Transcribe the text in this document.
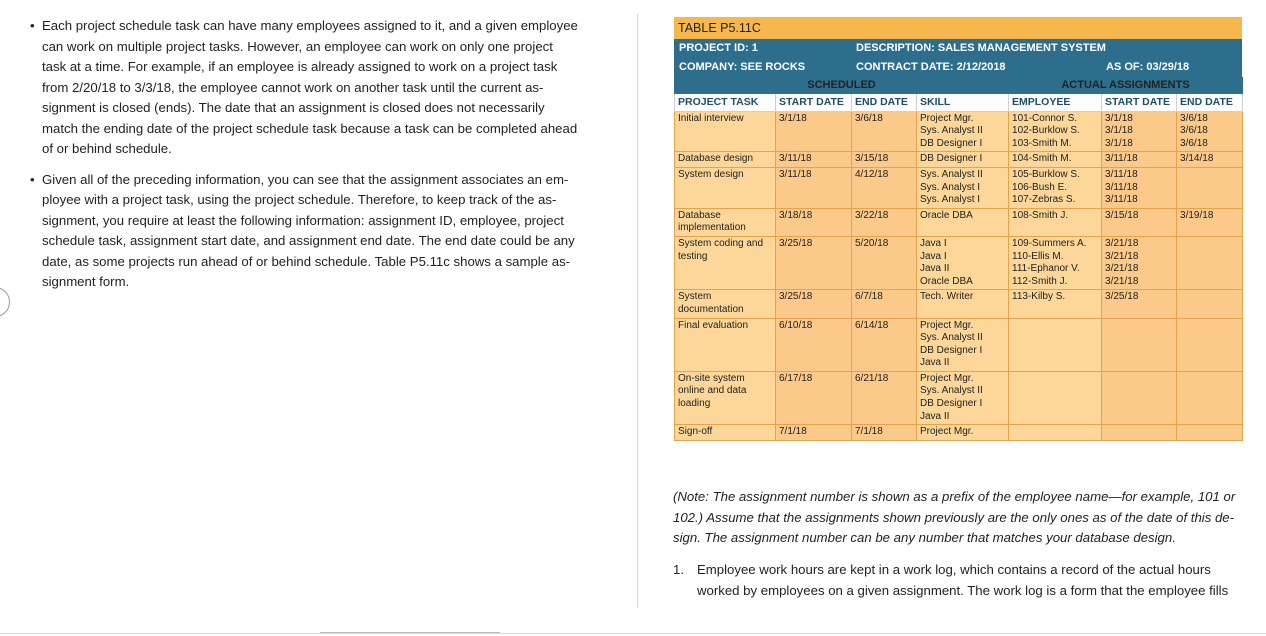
• Each project schedule task can have many employees assigned to it, and a given employee
can work on multiple project tasks. However, an employee can work on only one project
task at a time. For example, if an employee is already assigned to work on a project task
from 2/20/18 to 3/3/18, the employee cannot work on another task until the current as-
signment is closed (ends). The date that an assignment is closed does not necessarily
match the ending date of the project schedule task because a task can be completed ahead
of or behind schedule.
• Given all of the preceding information, you can see that the assignment associates an em-
ployee with a project task, using the project schedule. Therefore, to keep track of the as-
signment, you require at least the following information: assignment ID, employee, project
schedule task, assignment start date, and assignment end date. The end date could be any
date, as some projects run ahead of or behind schedule. Table P5.11c shows a sample as-
signment form.
TABLE P5.11C
PROJECT ID: 1	DESCRIPTION: SALES MANAGEMENT SYSTEM
COMPANY: SEE ROCKS	CONTRACT DATE: 2/12/2018	AS OF: 03/29/18
SCHEDULED				ACTUAL ASSIGNMENTS		
PROJECT TASK	START DATE	END DATE	SKILL	EMPLOYEE	START DATE	END DATE
Initial interview	3/1/18	3/6/18	Project Mgr.
Sys. Analyst II
DB Designer I	101-Connor S.
102-Burklow S.
103-Smith M.	3/1/18
3/1/18
3/1/18	3/6/18
3/6/18
3/6/18
Database design	3/11/18	3/15/18	DB Designer I	104-Smith M.	3/11/18	3/14/18
System design	3/11/18	4/12/18	Sys. Analyst II
Sys. Analyst I
Sys. Analyst I	105-Burklow S.
106-Bush E.
107-Zebras S.	3/11/18
3/11/18
3/11/18	
Database
implementation	3/18/18	3/22/18	Oracle DBA	108-Smith J.	3/15/18	3/19/18
System coding and
testing	3/25/18	5/20/18	Java I
Java I
Java II
Oracle DBA	109-Summers A.
110-Ellis M.
111-Ephanor V.
112-Smith J.	3/21/18
3/21/18
3/21/18
3/21/18	
System
documentation	3/25/18	6/7/18	Tech. Writer	113-Kilby S.	3/25/18	
Final evaluation	6/10/18	6/14/18	Project Mgr.
Sys. Analyst II
DB Designer I
Java II			
On-site system
online and data
loading	6/17/18	6/21/18	Project Mgr.
Sys. Analyst II
DB Designer I
Java II			
Sign-off	7/1/18	7/1/18	Project Mgr.			
(Note: The assignment number is shown as a prefix of the employee name—for example, 101 or
102.) Assume that the assignments shown previously are the only ones as of the date of this de-
sign. The assignment number can be any number that matches your database design.
1. Employee work hours are kept in a work log, which contains a record of the actual hours
worked by employees on a given assignment. The work log is a form that the employee fills
